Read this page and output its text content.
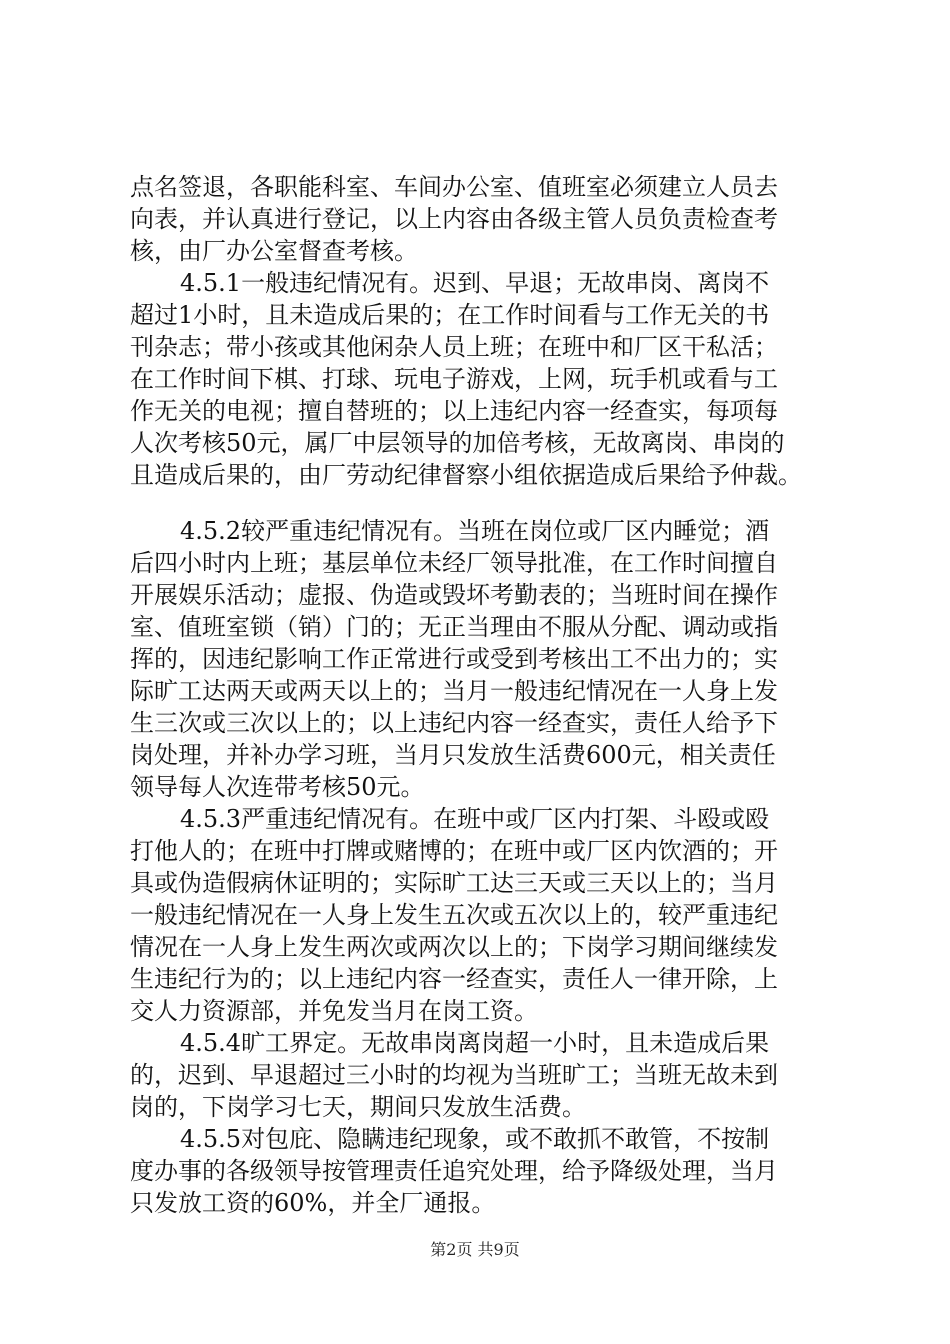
点名签退，各职能科室、车间办公室、值班室必须建立人员去
向表，并认真进行登记，以上内容由各级主管人员负责检查考
核，由厂办公室督查考核。
4.5.1一般违纪情况有。迟到、早退；无故串岗、离岗不
超过1小时，且未造成后果的；在工作时间看与工作无关的书
刊杂志；带小孩或其他闲杂人员上班；在班中和厂区干私活；
在工作时间下棋、打球、玩电子游戏，上网，玩手机或看与工
作无关的电视；擅自替班的；以上违纪内容一经查实，每项每
人次考核50元，属厂中层领导的加倍考核，无故离岗、串岗的
且造成后果的，由厂劳动纪律督察小组依据造成后果给予仲裁。
4.5.2较严重违纪情况有。当班在岗位或厂区内睡觉；酒
后四小时内上班；基层单位未经厂领导批准，在工作时间擅自
开展娱乐活动；虚报、伪造或毁坏考勤表的；当班时间在操作
室、值班室锁（销）门的；无正当理由不服从分配、调动或指
挥的，因违纪影响工作正常进行或受到考核出工不出力的；实
际旷工达两天或两天以上的；当月一般违纪情况在一人身上发
生三次或三次以上的；以上违纪内容一经查实，责任人给予下
岗处理，并补办学习班，当月只发放生活费600元，相关责任
领导每人次连带考核50元。
4.5.3严重违纪情况有。在班中或厂区内打架、斗殴或殴
打他人的；在班中打牌或赌博的；在班中或厂区内饮酒的；开
具或伪造假病休证明的；实际旷工达三天或三天以上的；当月
一般违纪情况在一人身上发生五次或五次以上的，较严重违纪
情况在一人身上发生两次或两次以上的；下岗学习期间继续发
生违纪行为的；以上违纪内容一经查实，责任人一律开除，上
交人力资源部，并免发当月在岗工资。
4.5.4旷工界定。无故串岗离岗超一小时，且未造成后果
的，迟到、早退超过三小时的均视为当班旷工；当班无故未到
岗的，下岗学习七天，期间只发放生活费。
4.5.5对包庇、隐瞒违纪现象，或不敢抓不敢管，不按制
度办事的各级领导按管理责任追究处理，给予降级处理，当月
只发放工资的60%，并全厂通报。
第2页 共9页
